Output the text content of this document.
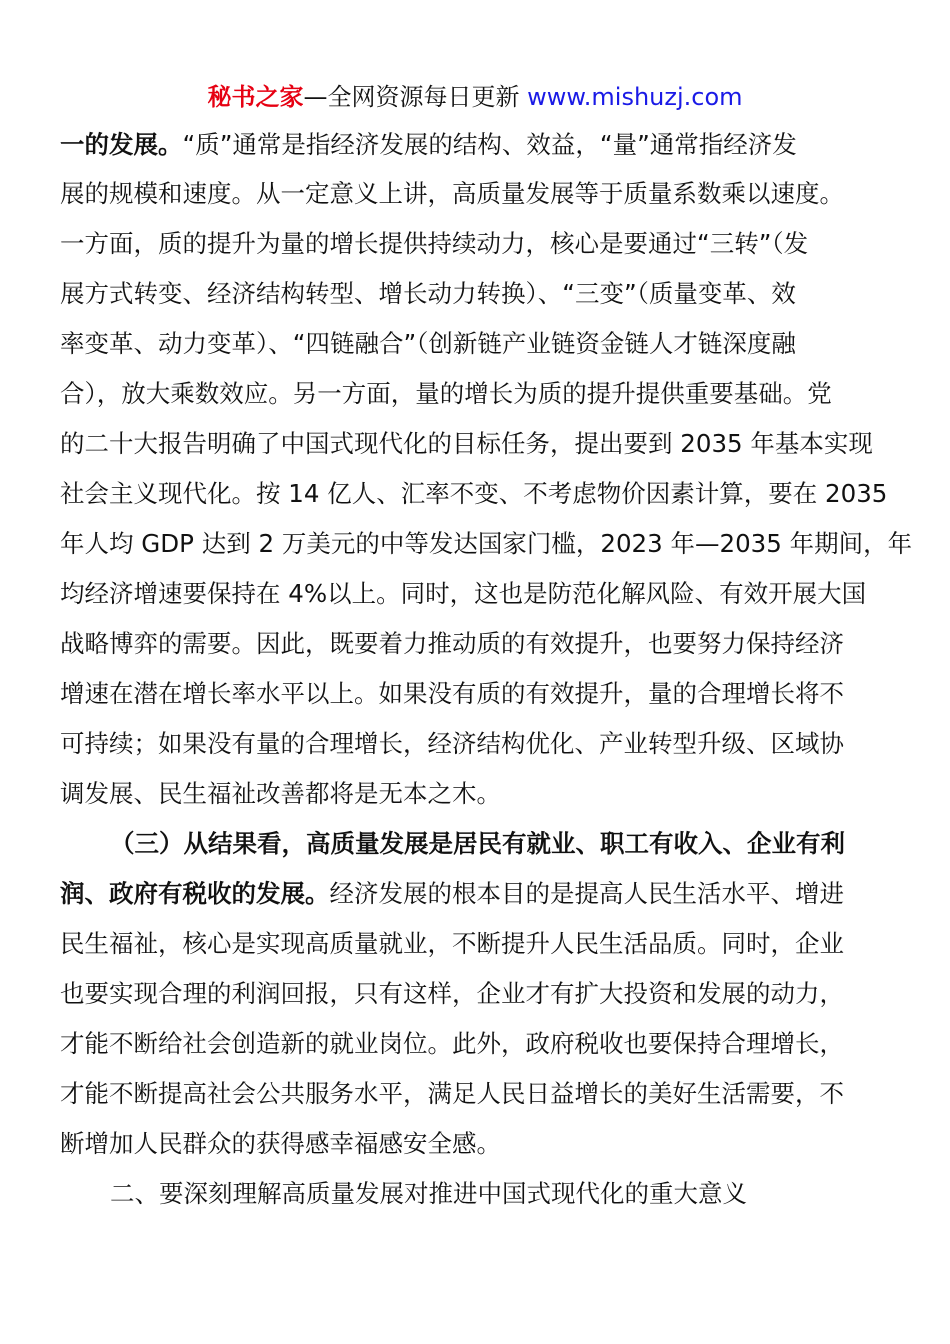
秘书之家—全网资源每日更新 www.mishuzj.com
一的发展。“质”通常是指经济发展的结构、效益，“量”通常指经济发
展的规模和速度。从一定意义上讲，高质量发展等于质量系数乘以速度。
一方面，质的提升为量的增长提供持续动力，核心是要通过“三转”（发
展方式转变、经济结构转型、增长动力转换）、“三变”（质量变革、效
率变革、动力变革）、“四链融合”（创新链产业链资金链人才链深度融
合），放大乘数效应。另一方面，量的增长为质的提升提供重要基础。党
的二十大报告明确了中国式现代化的目标任务，提出要到 2035 年基本实现
社会主义现代化。按 14 亿人、汇率不变、不考虑物价因素计算，要在 2035
年人均 GDP 达到 2 万美元的中等发达国家门槛，2023 年—2035 年期间，年
均经济增速要保持在 4%以上。同时，这也是防范化解风险、有效开展大国
战略博弈的需要。因此，既要着力推动质的有效提升，也要努力保持经济
增速在潜在增长率水平以上。如果没有质的有效提升，量的合理增长将不
可持续；如果没有量的合理增长，经济结构优化、产业转型升级、区域协
调发展、民生福祉改善都将是无本之木。
（三）从结果看，高质量发展是居民有就业、职工有收入、企业有利
润、政府有税收的发展。经济发展的根本目的是提高人民生活水平、增进
民生福祉，核心是实现高质量就业，不断提升人民生活品质。同时，企业
也要实现合理的利润回报，只有这样，企业才有扩大投资和发展的动力，
才能不断给社会创造新的就业岗位。此外，政府税收也要保持合理增长，
才能不断提高社会公共服务水平，满足人民日益增长的美好生活需要，不
断增加人民群众的获得感幸福感安全感。
二、要深刻理解高质量发展对推进中国式现代化的重大意义
